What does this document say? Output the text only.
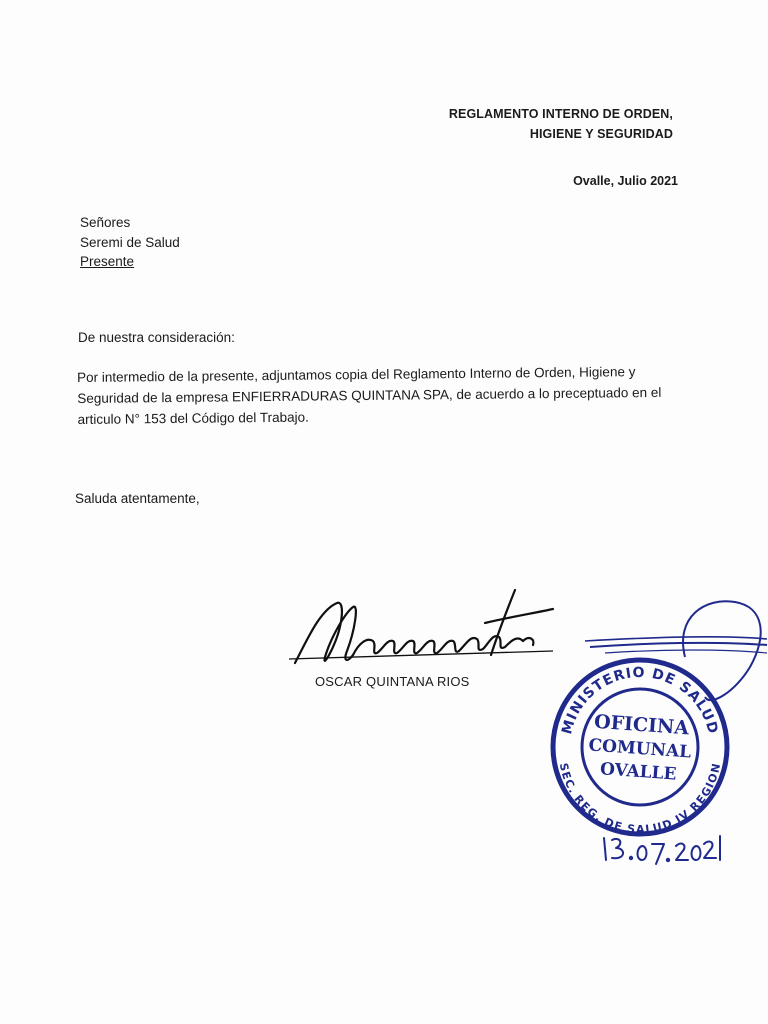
REGLAMENTO INTERNO DE ORDEN,
HIGIENE Y SEGURIDAD
Ovalle, Julio 2021
Señores
Seremi de Salud
Presente
De nuestra consideración:
Por intermedio de la presente, adjuntamos copia del Reglamento Interno de Orden, Higiene y
Seguridad de la empresa ENFIERRADURAS QUINTANA SPA, de acuerdo a lo preceptuado en el
articulo N° 153 del Código del Trabajo.
Saluda atentamente,
OSCAR QUINTANA RIOS
MINISTERIO DE SALUD
SEC. REG. DE SALUD IV REGION
OFICINA
COMUNAL
OVALLE
